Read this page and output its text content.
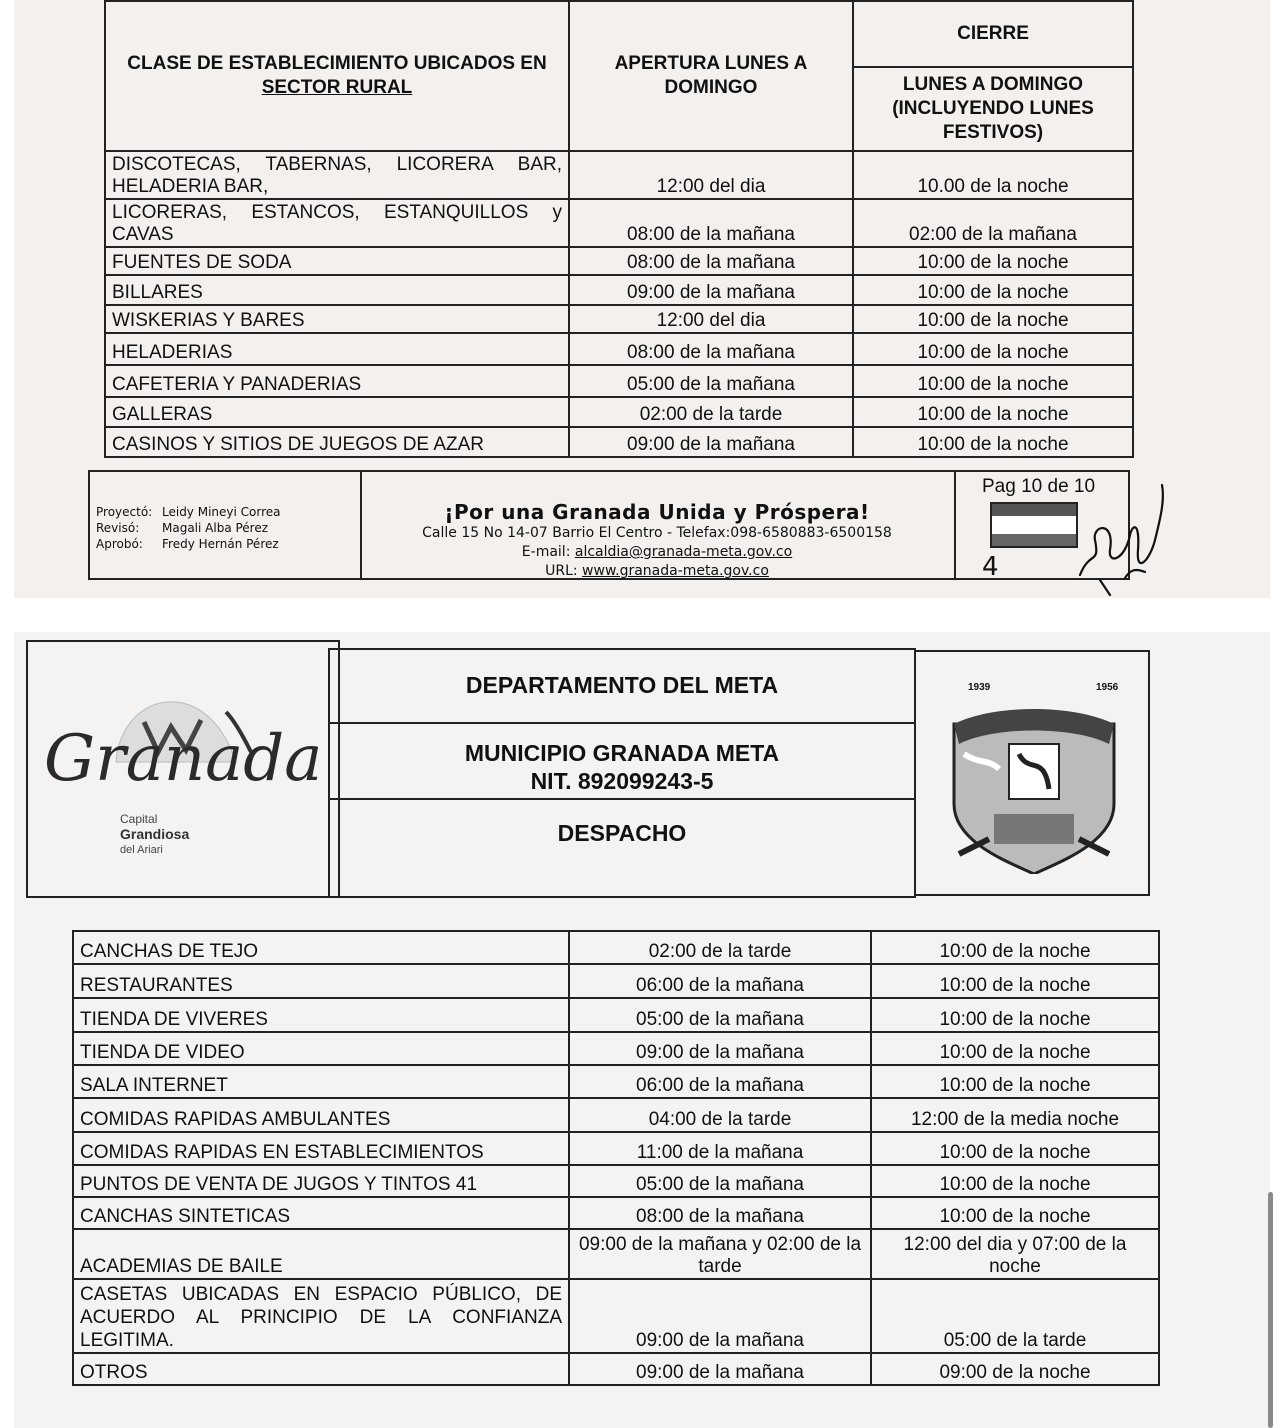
CLASE DE ESTABLECIMIENTO UBICADOS EN SECTOR RURAL	APERTURA LUNES A DOMINGO	CIERRE
		LUNES A DOMINGO (INCLUYENDO LUNES FESTIVOS)
DISCOTECAS, TABERNAS, LICORERA BAR, HELADERIA BAR,	12:00 del dia	10.00 de la noche
LICORERAS, ESTANCOS, ESTANQUILLOS y CAVAS	08:00 de la mañana	02:00 de la mañana
FUENTES DE SODA	08:00 de la mañana	10:00 de la noche
BILLARES	09:00 de la mañana	10:00 de la noche
WISKERIAS Y BARES	12:00 del dia	10:00 de la noche
HELADERIAS	08:00 de la mañana	10:00 de la noche
CAFETERIA Y PANADERIAS	05:00 de la mañana	10:00 de la noche
GALLERAS	02:00 de la tarde	10:00 de la noche
CASINOS Y SITIOS DE JUEGOS DE AZAR	09:00 de la mañana	10:00 de la noche
Proyectó: Leidy Mineyi Correa
Revisó: Magali Alba Pérez
Aprobó: Fredy Hernán Pérez
¡Por una Granada Unida y Próspera!
Calle 15 No 14-07 Barrio El Centro - Telefax:098-6580883-6500158
E-mail: alcaldia@granada-meta.gov.co
URL: www.granada-meta.gov.co
Pag 10 de 10
4
Granada
Capital
Grandiosa
del Ariari
DEPARTAMENTO DEL META
MUNICIPIO GRANADA META
NIT. 892099243-5
DESPACHO
1939	1956
CANCHAS DE TEJO	02:00 de la tarde	10:00 de la noche
RESTAURANTES	06:00 de la mañana	10:00 de la noche
TIENDA DE VIVERES	05:00 de la mañana	10:00 de la noche
TIENDA DE VIDEO	09:00 de la mañana	10:00 de la noche
SALA INTERNET	06:00 de la mañana	10:00 de la noche
COMIDAS RAPIDAS AMBULANTES	04:00 de la tarde	12:00 de la media noche
COMIDAS RAPIDAS EN ESTABLECIMIENTOS	11:00 de la mañana	10:00 de la noche
PUNTOS DE VENTA DE JUGOS Y TINTOS 41	05:00 de la mañana	10:00 de la noche
CANCHAS SINTETICAS	08:00 de la mañana	10:00 de la noche
ACADEMIAS DE BAILE	09:00 de la mañana y 02:00 de la tarde	12:00 del dia y 07:00 de la noche
CASETAS UBICADAS EN ESPACIO PÚBLICO, DE ACUERDO AL PRINCIPIO DE LA CONFIANZA LEGITIMA.	09:00 de la mañana	05:00 de la tarde
OTROS	09:00 de la mañana	09:00 de la noche
